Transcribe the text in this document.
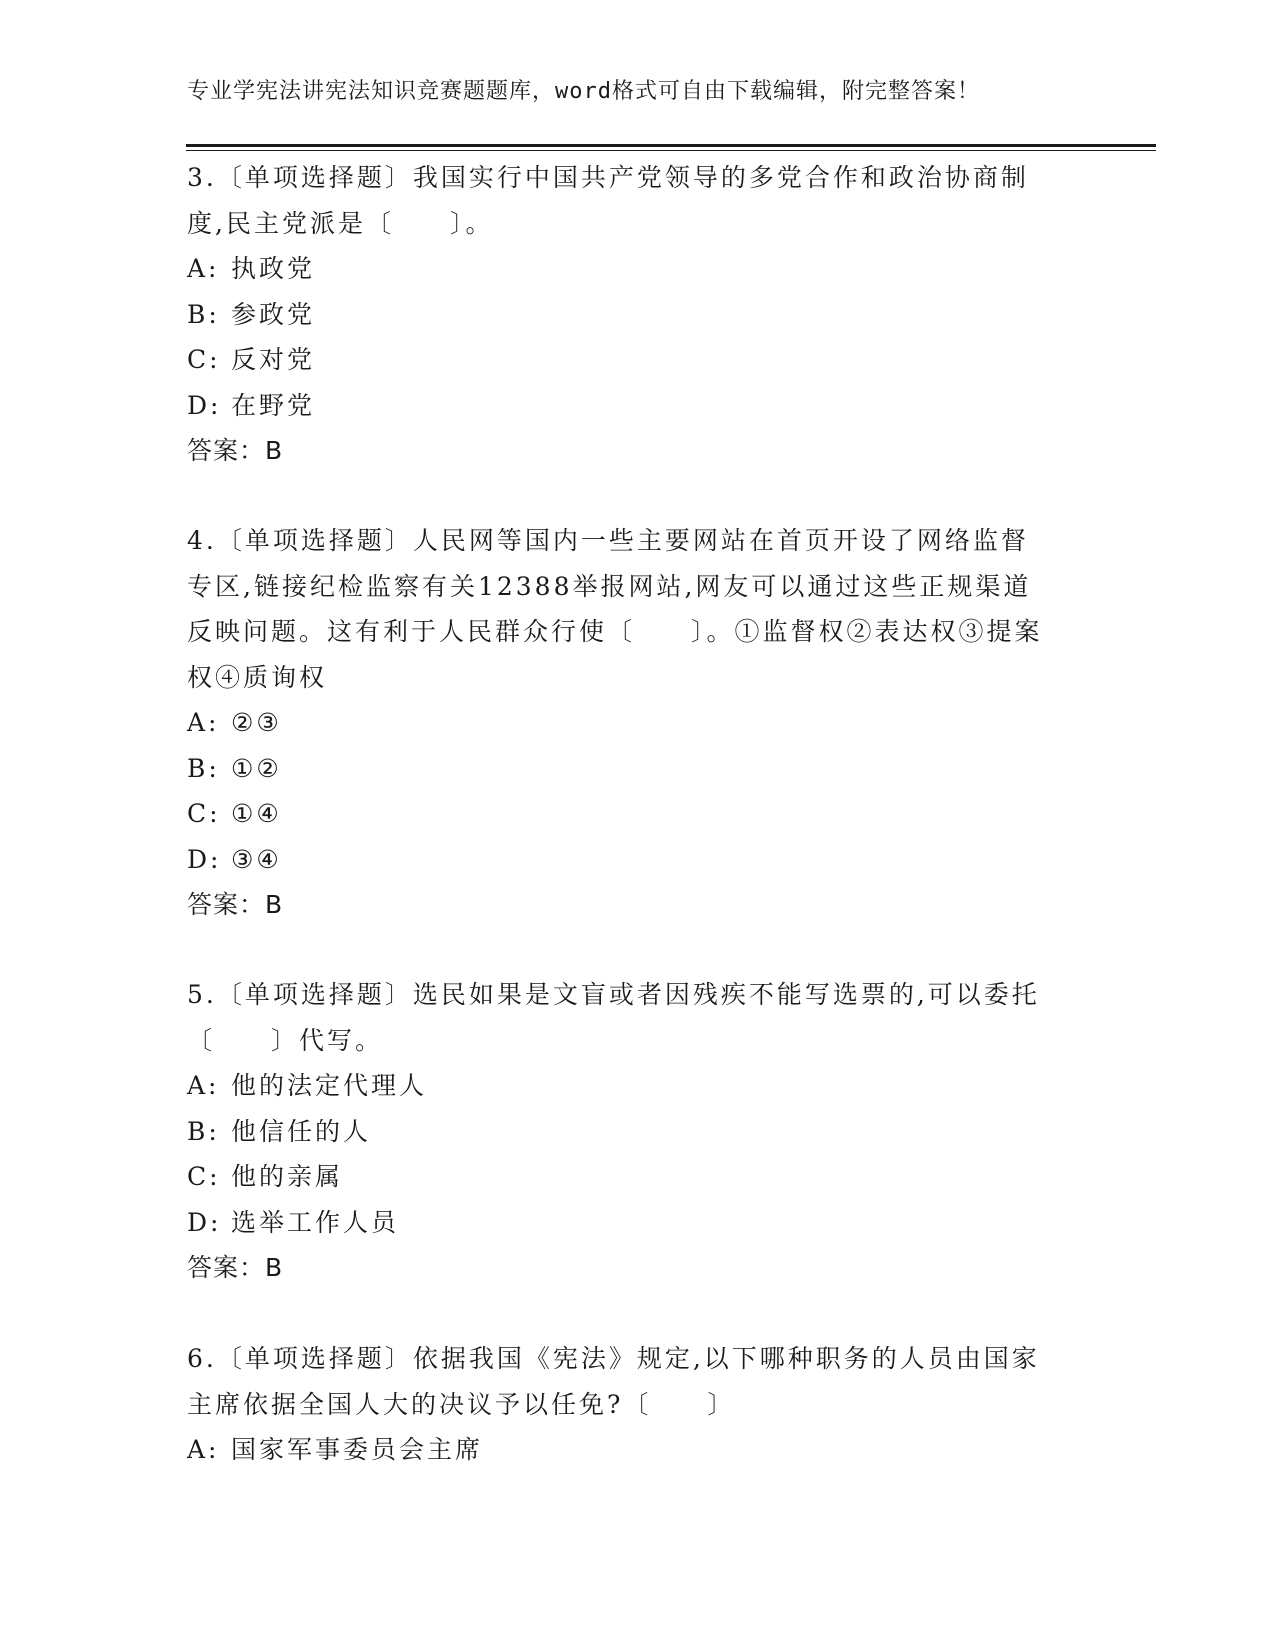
专业学宪法讲宪法知识竞赛题题库，word格式可自由下载编辑，附完整答案！
3.〔单项选择题〕我国实行中国共产党领导的多党合作和政治协商制
度,民主党派是〔　　〕。
A: 执政党
B: 参政党
C: 反对党
D: 在野党
答案：B
4.〔单项选择题〕人民网等国内一些主要网站在首页开设了网络监督
专区,链接纪检监察有关12388举报网站,网友可以通过这些正规渠道
反映问题。这有利于人民群众行使〔　　〕。①监督权②表达权③提案
权④质询权
A: ②③
B: ①②
C: ①④
D: ③④
答案：B
5.〔单项选择题〕选民如果是文盲或者因残疾不能写选票的,可以委托
〔　　〕代写。
A: 他的法定代理人
B: 他信任的人
C: 他的亲属
D: 选举工作人员
答案：B
6.〔单项选择题〕依据我国《宪法》规定,以下哪种职务的人员由国家
主席依据全国人大的决议予以任免?〔　　〕
A: 国家军事委员会主席
